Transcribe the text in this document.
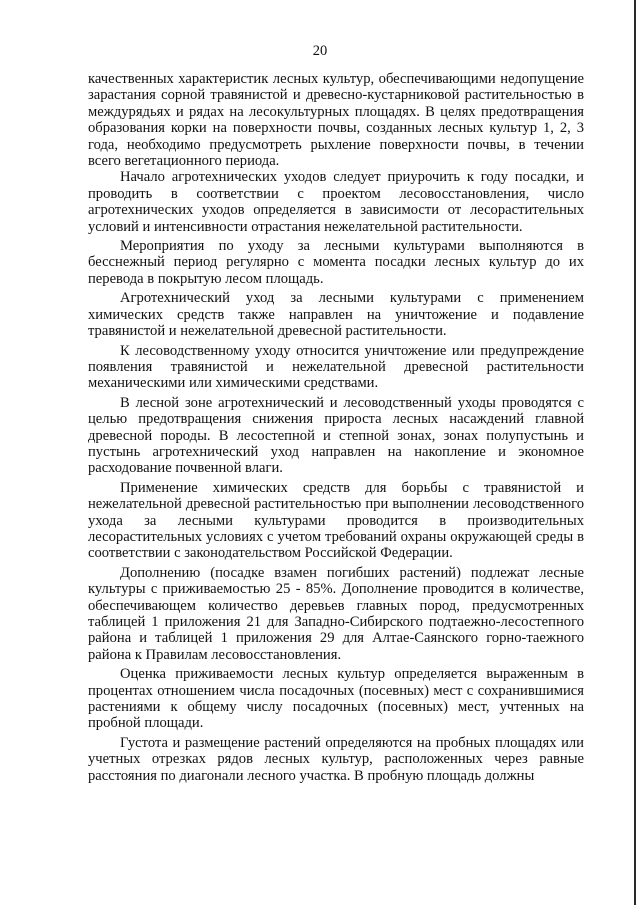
20

качественных характеристик лесных культур, обеспечивающими недопущение зарастания сорной травянистой и древесно-кустарниковой растительностью в междурядьях и рядах на лесокультурных площадях. В целях предотвращения образования корки на поверхности почвы, созданных лесных культур 1, 2, 3 года, необходимо предусмотреть рыхление поверхности почвы, в течении всего вегетационного периода.

Начало агротехнических уходов следует приурочить к году посадки, и проводить в соответствии с проектом лесовосстановления, число агротехнических уходов определяется в зависимости от лесорастительных условий и интенсивности отрастания нежелательной растительности.

Мероприятия по уходу за лесными культурами выполняются в бесснежный период регулярно с момента посадки лесных культур до их перевода в покрытую лесом площадь.

Агротехнический уход за лесными культурами с применением химических средств также направлен на уничтожение и подавление травянистой и нежелательной древесной растительности.

К лесоводственному уходу относится уничтожение или предупреждение появления травянистой и нежелательной древесной растительности механическими или химическими средствами.

В лесной зоне агротехнический и лесоводственный уходы проводятся с целью предотвращения снижения прироста лесных насаждений главной древесной породы. В лесостепной и степной зонах, зонах полупустынь и пустынь агротехнический уход направлен на накопление и экономное расходование почвенной влаги.

Применение химических средств для борьбы с травянистой и нежелательной древесной растительностью при выполнении лесоводственного ухода за лесными культурами проводится в производительных лесорастительных условиях с учетом требований охраны окружающей среды в соответствии с законодательством Российской Федерации.

Дополнению (посадке взамен погибших растений) подлежат лесные культуры с приживаемостью 25 - 85%. Дополнение проводится в количестве, обеспечивающем количество деревьев главных пород, предусмотренных таблицей 1 приложения 21 для Западно-Сибирского подтаежно-лесостепного района и таблицей 1 приложения 29 для Алтае-Саянского горно-таежного района к Правилам лесовосстановления.

Оценка приживаемости лесных культур определяется выраженным в процентах отношением числа посадочных (посевных) мест с сохранившимися растениями к общему числу посадочных (посевных) мест, учтенных на пробной площади.

Густота и размещение растений определяются на пробных площадях или учетных отрезках рядов лесных культур, расположенных через равные расстояния по диагонали лесного участка. В пробную площадь должны
